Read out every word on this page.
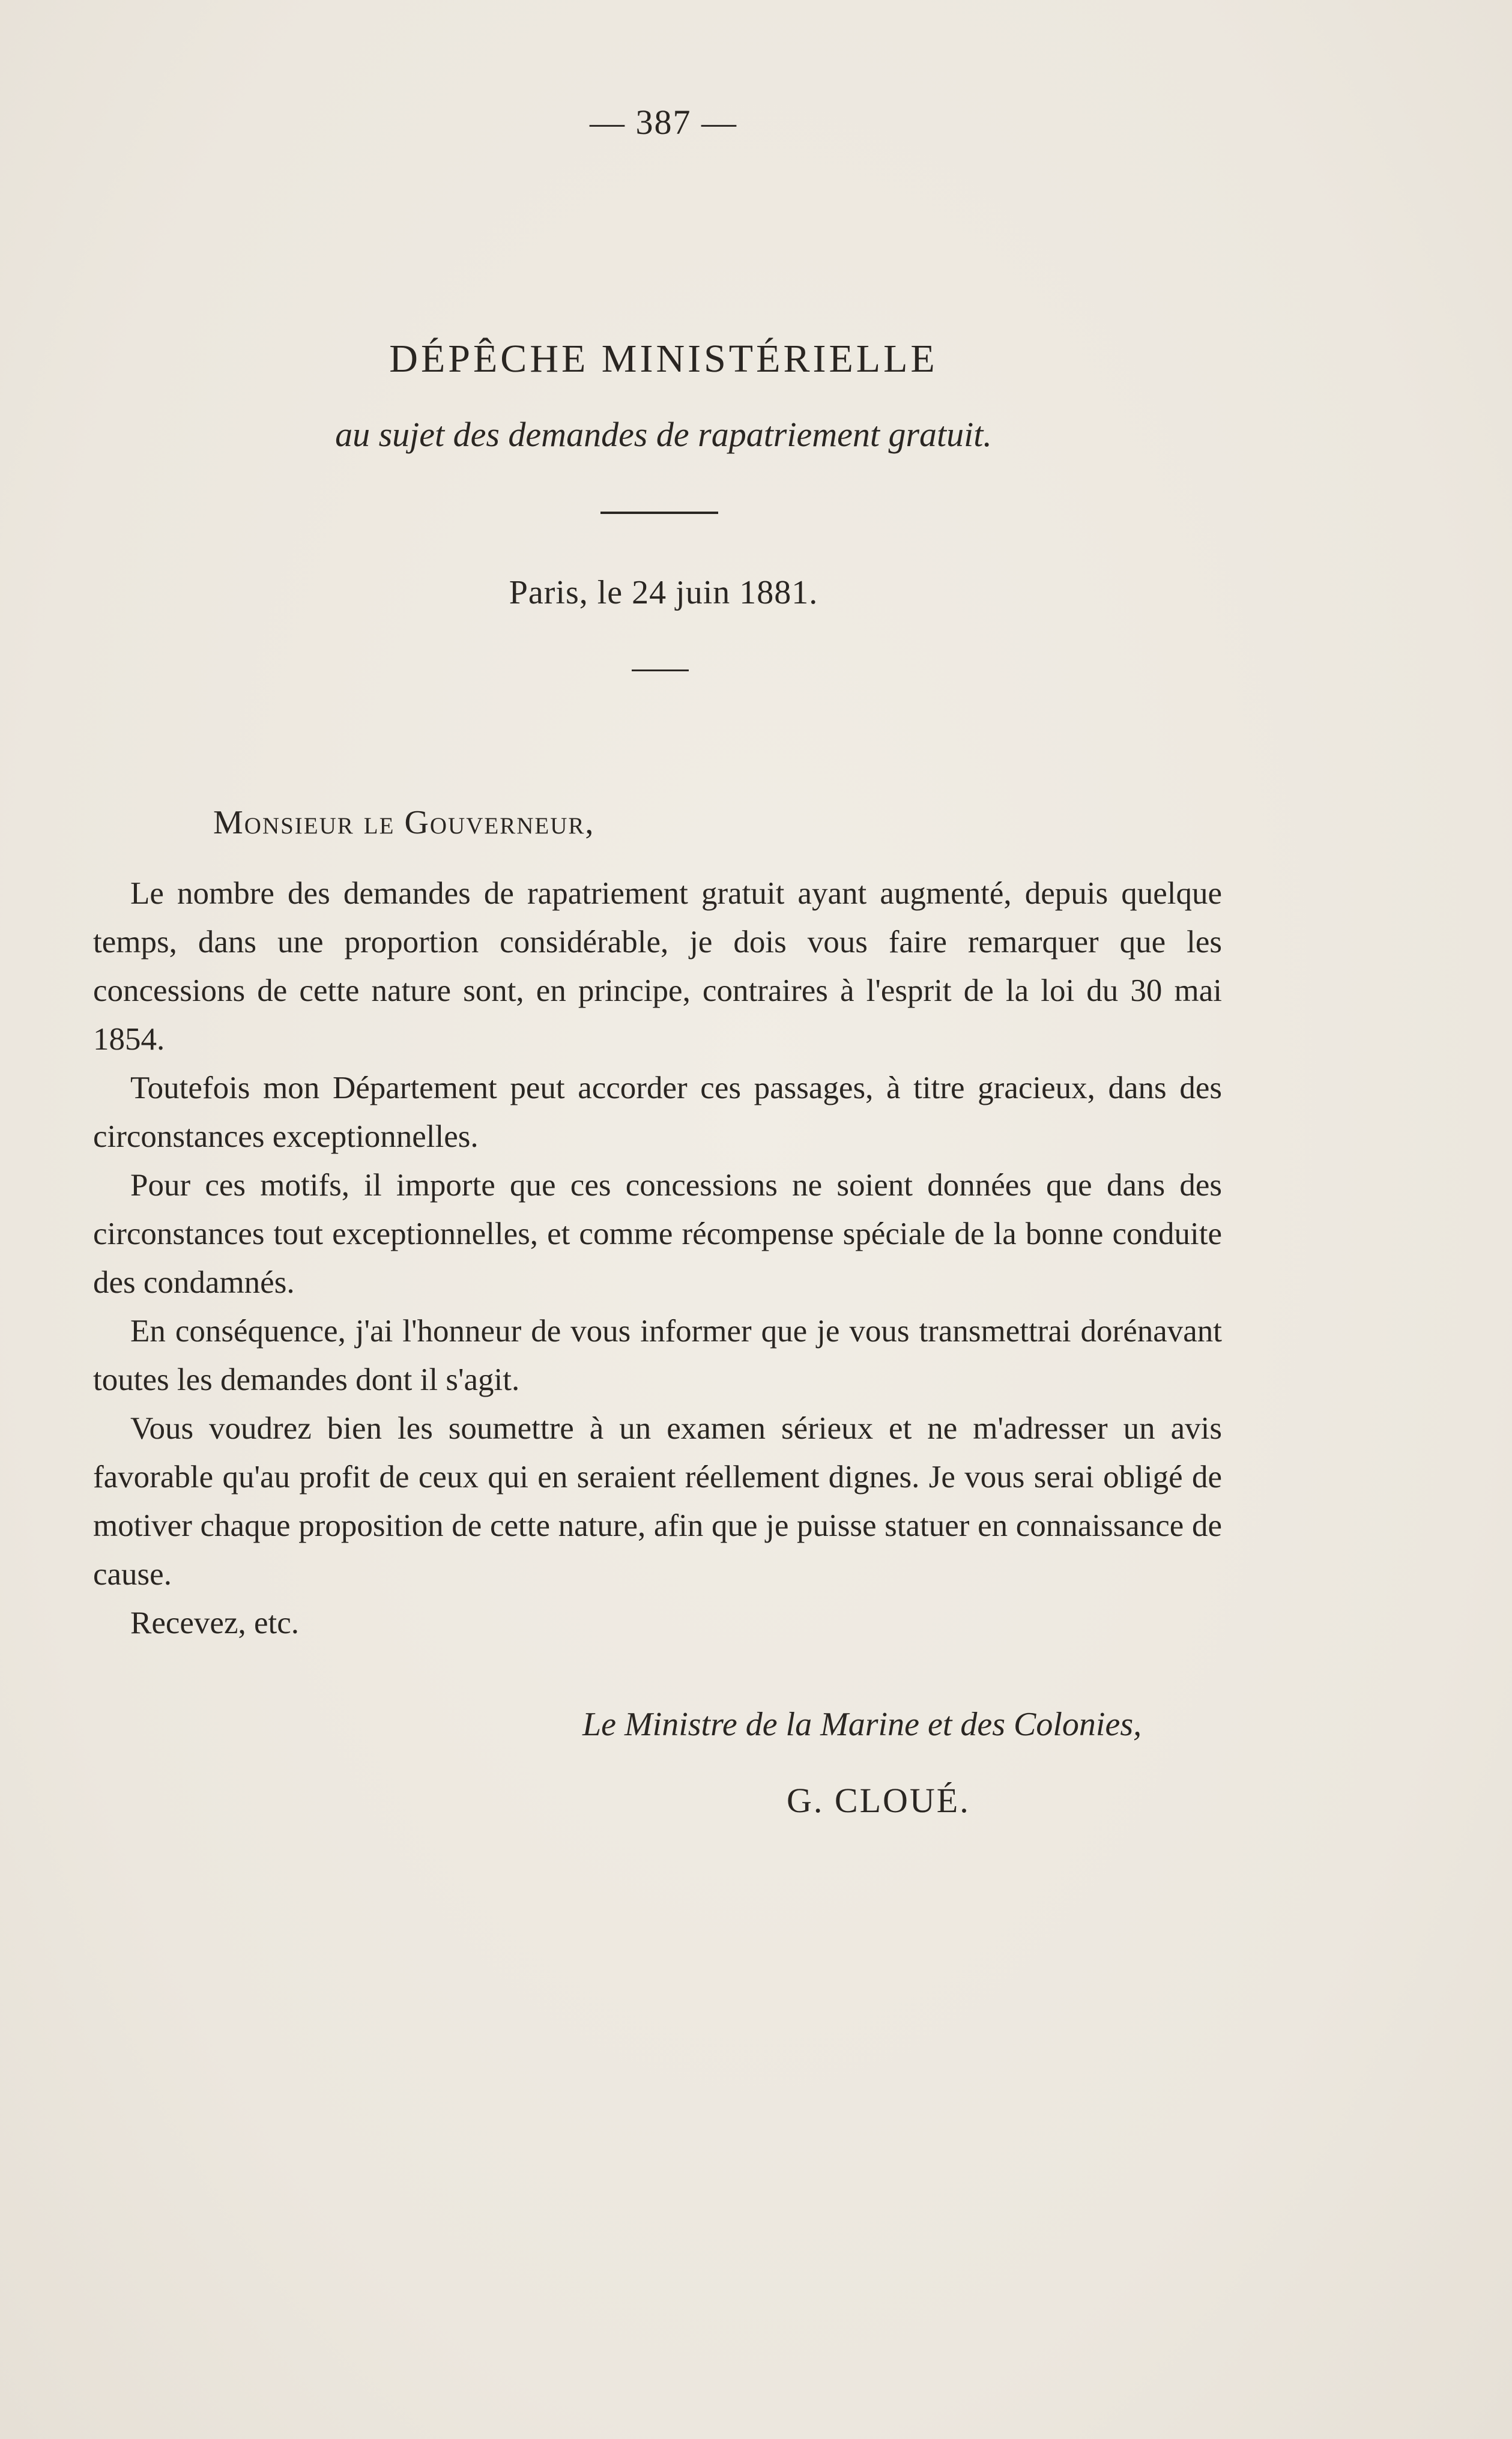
— 387 —
DÉPÊCHE MINISTÉRIELLE
au sujet des demandes de rapatriement gratuit.
Paris, le 24 juin 1881.
Monsieur le Gouverneur,

Le nombre des demandes de rapatriement gratuit ayant augmenté, depuis quelque temps, dans une proportion considérable, je dois vous faire remarquer que les concessions de cette nature sont, en principe, contraires à l'esprit de la loi du 30 mai 1854.

Toutefois mon Département peut accorder ces passages, à titre gracieux, dans des circonstances exceptionnelles.

Pour ces motifs, il importe que ces concessions ne soient données que dans des circonstances tout exceptionnelles, et comme récompense spéciale de la bonne conduite des condamnés.

En conséquence, j'ai l'honneur de vous informer que je vous transmettrai dorénavant toutes les demandes dont il s'agit.

Vous voudrez bien les soumettre à un examen sérieux et ne m'adresser un avis favorable qu'au profit de ceux qui en seraient réellement dignes. Je vous serai obligé de motiver chaque proposition de cette nature, afin que je puisse statuer en connaissance de cause.

Recevez, etc.

Le Ministre de la Marine et des Colonies,
G. CLOUÉ.
